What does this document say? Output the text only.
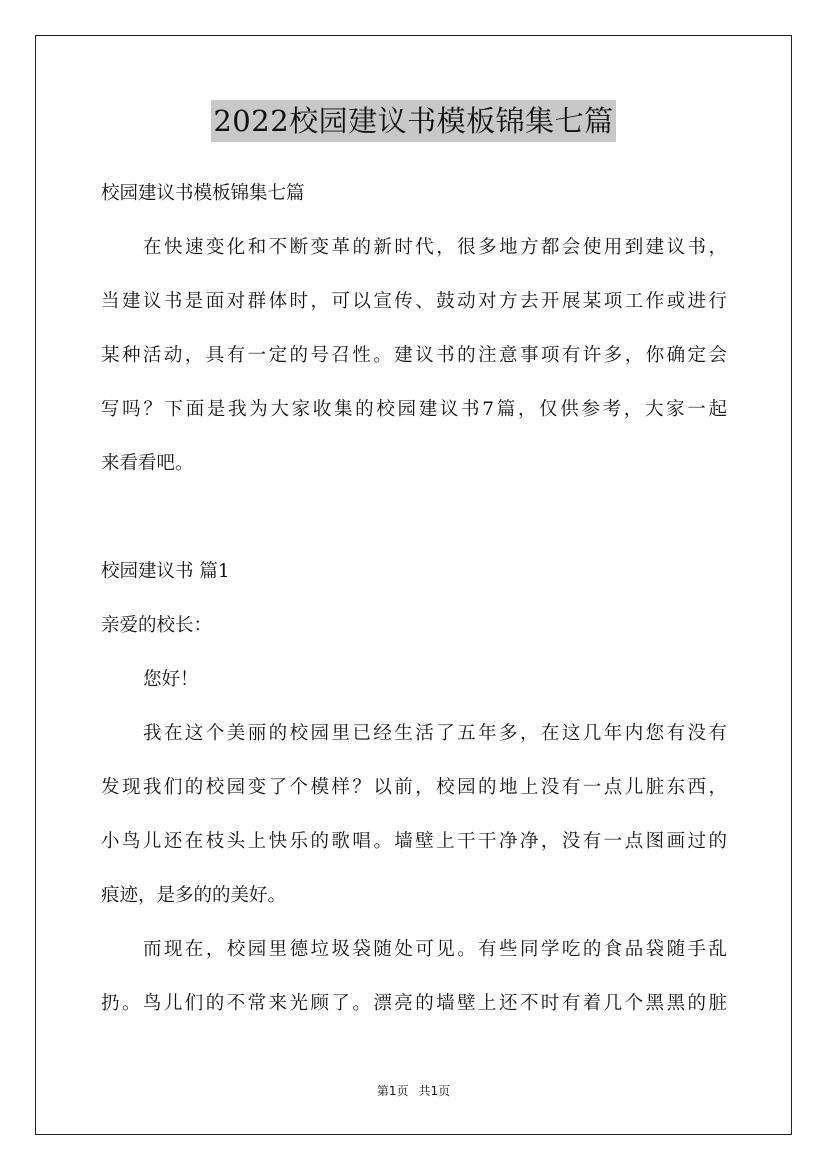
2022校园建议书模板锦集七篇
校园建议书模板锦集七篇
在快速变化和不断变革的新时代，很多地方都会使用到建议书，
当建议书是面对群体时，可以宣传、鼓动对方去开展某项工作或进行
某种活动，具有一定的号召性。建议书的注意事项有许多，你确定会
写吗？下面是我为大家收集的校园建议书7篇，仅供参考，大家一起
来看看吧。
校园建议书 篇1
亲爱的校长：
您好！
我在这个美丽的校园里已经生活了五年多，在这几年内您有没有
发现我们的校园变了个模样？以前，校园的地上没有一点儿脏东西，
小鸟儿还在枝头上快乐的歌唱。墙壁上干干净净，没有一点图画过的
痕迹，是多的的美好。
而现在，校园里德垃圾袋随处可见。有些同学吃的食品袋随手乱
扔。鸟儿们的不常来光顾了。漂亮的墙壁上还不时有着几个黑黑的脏
第1页 共1页
